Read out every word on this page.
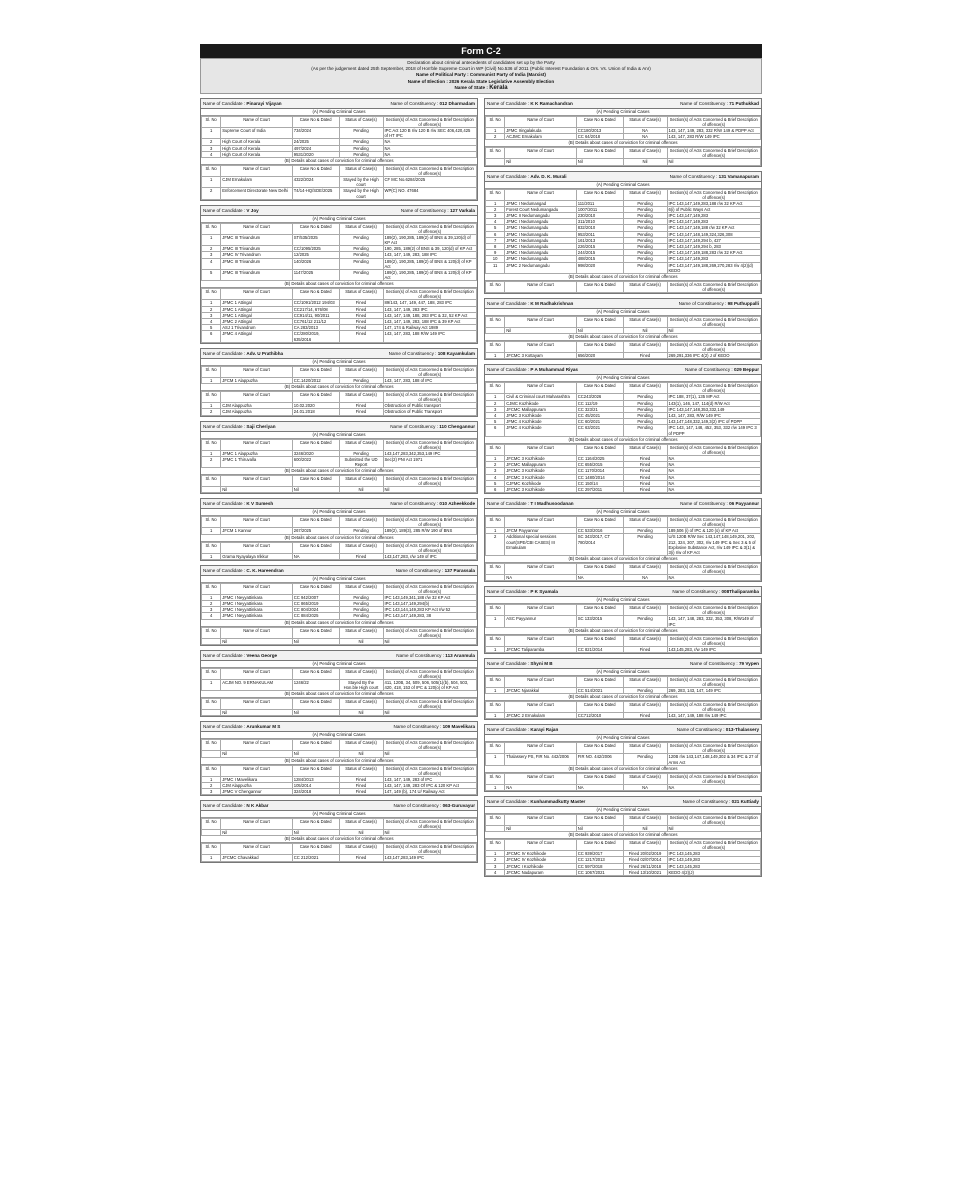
Form C-2
Declaration about criminal antecedents of candidates set up by the Party
(As per the judgement dated 25th September, 2018 of Hon'ble Supreme Court in WP (Civil) No.536 of 2011 (Public Interest Foundation & Ors. Vs. Union of India & Anr)
Name of Political Party : Communist Party of India (Marxist)
Name of Election : 2026 Kerala State Legislative Assembly Election
Name of State : Kerala
Name of Candidate : Pinarayi Vijayan	Name of Constituency : 012 Dharmadam
(A) Pending Criminal Cases
Sl. No	Name of Court	Case No & Dated	Status of Case(s)	Section(s) of Acts Concerned & Brief Description of offence(s)
1	Supreme Court of India	734/2024	Pending	IPC Act 120 B r/w 120 B r/w SEC 406,420,425 of HT IPC
2	High Court of Kerala	24/2025	Pending	NA
3	High Court of Kerala	497/2024	Pending	NA
4	High Court of Kerala	9531/2020	Pending	NA
(B) Details about cases of conviction for criminal offences
Sl. No	Name of Court	Case No & Dated	Status of Case(s)	Section(s) of Acts Concerned & Brief Description of offence(s)
1	CJM Ernakulam	4322/2024	Stayed by the High court	CF MC No.6284/2025
2	Enforcement Directorate New Delhi	T4/14-HQ/SDE/2025	Stayed by the High court	WP(C) NO. 47684
Name of Candidate : V Joy	Name of Constituency : 127 Varkala
(A) Pending Criminal Cases
Sl. No	Name of Court	Case No & Dated	Status of Case(s)	Section(s) of Acts Concerned & Brief Description of offence(s)
1	JFMC III Trivandrum	ST/535/2025	Pending	189(2), 190,285, 189(2) of BNS & 39,120(d) of KP Act
2	JFMC III Trivandrum	CC/1095/2025	Pending	190, 285, 189(2) of BNS & 39, 120(d) of KP Act
3	JFMC IV Trivandrum	12/2025	Pending	143, 147, 149, 283, 188 IPC
4	JFMC III Trivandrum	140/2026	Pending	189(2), 190,285, 189(2) of BNS & 120(d) of KP Act
5	JFMC III Trivandrum	1147/2025	Pending	189(2), 190,285, 189(2) of BNS & 120(d) of KP Act
(B) Details about cases of conviction for criminal offences
Sl. No	Name of Court	Case No & Dated	Status of Case(s)	Section(s) of Acts Concerned & Brief Description of offence(s)
1	JFMC 1 Attingal	CC/1091/2012 194/03	Fined	89/143, 147, 149, 447, 188, 283 IPC
2	JFMC 1 Attingal	CC217/14, 676/08	Fined	143, 147, 149, 283 IPC
3	JFMC 1 Attingal	CC914/11, 90/2011	Fined	143, 147, 149, 188, 283 IPC & 32, 52 KP Act
4	JFMC 2 Attingal	CC761/12 211/12	Fined	143, 147, 149, 283, 188 IPC & 39 KP Act
5	ASJ 1 Trivandrum	CA 283/2013	Fined	147, 174 & Railway Act 1989
6	JFMC 4 Attingal	CC/280/2019, 635/2016	Fined	143, 147, 283, 188 R/W 149 IPC
Name of Candidate : Adv. U Prathibha	Name of Constituency : 108 Kayamkulam
(A) Pending Criminal Cases
Sl. No	Name of Court	Case No & Dated	Status of Case(s)	Section(s) of Acts Concerned & Brief Description of offence(s)
1	JFCM 1 Alappuzha	CC.1420/2012	Pending	143, 147, 283, 188 of IPC
(B) Details about cases of conviction for criminal offences
Sl. No	Name of Court	Case No & Dated	Status of Case(s)	Section(s) of Acts Concerned & Brief Description of offence(s)
1	CJM Alappuzha	10.02.2020	Fined	Obstruction of Public transport
2	CJM Alappuzha	24.01.2018	Fined	Obstruction of Public Transport
Name of Candidate : Saji Cheriyan	Name of Constituency : 110 Chengannur
(A) Pending Criminal Cases
Sl. No	Name of Court	Case No & Dated	Status of Case(s)	Section(s) of Acts Concerned & Brief Description of offence(s)
1	JFMC 1 Alappuzha	3246/2020	Pending	143,147,283,342,353,149 IPC
2	JFMC 1 Thiruvalla	600/2022	Submitted the UD Report	Sec(2) PNI Act 1971
(B) Details about cases of conviction for criminal offences
Sl. No	Name of Court	Case No & Dated	Status of Case(s)	Section(s) of Acts Concerned & Brief Description of offence(s)
	Nil	Nil	Nil	Nil
Name of Candidate : K V Sumesh	Name of Constituency : 010 Azheekkode
(A) Pending Criminal Cases
Sl. No	Name of Court	Case No & Dated	Status of Case(s)	Section(s) of Acts Concerned & Brief Description of offence(s)
1	JFCM 1 Kannur	267/2025	Pending	189(2), 189(3), 285 R/W 190 of BNS
(B) Details about cases of conviction for criminal offences
Sl. No	Name of Court	Case No & Dated	Status of Case(s)	Section(s) of Acts Concerned & Brief Description of offence(s)
1	Grama Nyayalaya Irikkur	NA	Fined	143,147,283, r/w 149 of IPC
Name of Candidate : C. K. Hareendran	Name of Constituency : 137 Parassala
(A) Pending Criminal Cases
Sl. No	Name of Court	Case No & Dated	Status of Case(s)	Section(s) of Acts Concerned & Brief Description of offence(s)
1	JFMC I Neyyattinkara	CC 942/2007	Pending	IPC 143,149,341,188 r/w 32 KP Act
2	JFMC I Neyyattinkara	CC 865/2019	Pending	IPC 143,147,149,294(b)
3	JFMC I Neyyattinkara	CC 804/2024	Pending	IPC 143,144,149,283 KP Act r/w 52
4	JFMC I Neyyattinkara	CC 884/2025	Pending	IPC 143,147,149,283, 38
(B) Details about cases of conviction for criminal offences
Sl. No	Name of Court	Case No & Dated	Status of Case(s)	Section(s) of Acts Concerned & Brief Description of offence(s)
	Nil	Nil	Nil	Nil
Name of Candidate : Veena George	Name of Constituency : 113 Aranmula
(A) Pending Criminal Cases
Sl. No	Name of Court	Case No & Dated	Status of Case(s)	Section(s) of Acts Concerned & Brief Description of offence(s)
1	ACJM NO. 9 ERNAKULAM	1246/22	Stayed By the Hon.ble High court	411, 120B, 34, 509, 506, 505(1)(b), 504, 503, 420, 418, 153 of IPC & 120(o) of KP Act
(B) Details about cases of conviction for criminal offences
Sl. No	Name of Court	Case No & Dated	Status of Case(s)	Section(s) of Acts Concerned & Brief Description of offence(s)
	Nil	Nil	Nil	Nil
Name of Candidate : Arunkumar M S	Name of Constituency : 109 Mavelikara
(A) Pending Criminal Cases
Sl. No	Name of Court	Case No & Dated	Status of Case(s)	Section(s) of Acts Concerned & Brief Description of offence(s)
	Nil	Nil	Nil	Nil
(B) Details about cases of conviction for criminal offences
Sl. No	Name of Court	Case No & Dated	Status of Case(s)	Section(s) of Acts Concerned & Brief Description of offence(s)
1	JFMC I Mavelikara	1284/2013	Fined	143, 147, 149, 283 of IPC
2	CJM Alappuzha	105/2014	Fined	143, 147, 149, 283 Of IPC & 120 KP Act
3	JFMC V Chengannur	324/2018	Fined	147, 149 (b), 174 U/ Railway Act
Name of Candidate : N K Akbar	Name of Constituency : 063-Guruvayur
(A) Pending Criminal Cases
Sl. No	Name of Court	Case No & Dated	Status of Case(s)	Section(s) of Acts Concerned & Brief Description of offence(s)
	Nil	Nil	Nil	Nil
(B) Details about cases of conviction for criminal offences
Sl. No	Name of Court	Case No & Dated	Status of Case(s)	Section(s) of Acts Concerned & Brief Description of offence(s)
1	JFCMC Chavakkad	CC 212/2021	Fined	143,147,283,149 IPC
Name of Candidate : K K Ramachandran	Name of Constituency : 71 Puthukkad
(A) Pending Criminal Cases
Sl. No	Name of Court	Case No & Dated	Status of Case(s)	Section(s) of Acts Concerned & Brief Description of offence(s)
1	JFMC Iringalakuda	CC180/2013	NA	143, 147, 149, 283, 332 R/W 149 & PDPP Act
2	ACJMC Ernakulam	CC 64/2018	NA	143, 147, 283 R/W 149 IPC
(B) Details about cases of conviction for criminal offences
Sl. No	Name of Court	Case No & Dated	Status of Case(s)	Section(s) of Acts Concerned & Brief Description of offence(s)
	Nil	Nil	Nil	Nil
Name of Candidate : Adv. D. K. Murali	Name of Constituency : 131 Vamanapuram
(A) Pending Criminal Cases
Sl. No	Name of Court	Case No & Dated	Status of Case(s)	Section(s) of Acts Concerned & Brief Description of offence(s)
1	JFMC I Nedumangad	111/2011	Pending	IPC 143,147,149,283,188 r/w 32 KP Act
2	Forest Court Nedumangadu	1007/2011	Pending	6(i) of Public Ways Act
3	JFMC II Nedumangadu	230/2010	Pending	IPC 143,147,149,283
4	JFMC I Nedumangadu	311/2010	Pending	IPC 143,147,149,283
5	JFMC I Nedumangadu	832/2010	Pending	IPC 143,147,149,188 r/w 32 KP Act
6	JFMC I Nedumangadu	953/2011	Pending	IPC 143,147,148,149,324,326,308
7	JFMC I Nedumangadu	161/2013	Pending	IPC 143,147,149,294 b, 427
8	JFMC I Nedumangadu	226/2015	Pending	IPC 143,147,149,294 b, 283
9	JFMC I Nedumangadu	244/2015	Pending	IPC 143,147,149,188,283 r/w 32 KP Act
10	JFMC I Nedumangadu	488/2015	Pending	IPC 143,147,149,283
11	JFMC 2 Nedumangadu	998/2020	Pending	IPC 143,147,149,188,269,270,283 r/w 4(2)(d) KEDO
(B) Details about cases of conviction for criminal offences
Sl. No	Name of Court	Case No & Dated	Status of Case(s)	Section(s) of Acts Concerned & Brief Description of offence(s)
Name of Candidate : K M Radhakrishnan	Name of Constituency : 98 Puthuppalli
(A) Pending Criminal Cases
Sl. No	Name of Court	Case No & Dated	Status of Case(s)	Section(s) of Acts Concerned & Brief Description of offence(s)
	Nil	Nil	Nil	Nil
(B) Details about cases of conviction for criminal offences
Sl. No	Name of Court	Case No & Dated	Status of Case(s)	Section(s) of Acts Concerned & Brief Description of offence(s)
1	JFCMC 3 Kottayam	656/2020	Fined	269,291,336 IPC 4(2) J of KEDO
Name of Candidate : P A Muhammad Riyas	Name of Constituency : 029 Beppur
(A) Pending Criminal Cases
Sl. No	Name of Court	Case No & Dated	Status of Case(s)	Section(s) of Acts Concerned & Brief Description of offence(s)
1	Civil & Criminal court Maharashtra	CC243/2026	Pending	IPC 188, 37(1), 135 MP Act
2	CJMC Kozhikode	CC 112/19	Pending	143(1), 146, 147, 114(d) R/W Act
3	JFCMC Mallappuram	CC 323/21	Pending	IPC 143,147,148,353,332,149
4	JFMC 3 Kozhikode	CC 45/2021	Pending	143, 147, 283, R/W 149 IPC
5	JFMC 4 Kozhikode	CC 60/2021	Pending	143,147,148,332,149,3(2) IPC of PDPP
6	JFMC 4 Kozhikode	CC 63/2021	Pending	IPC 143, 147, 148, 452, 353, 332 r/w 149 IPC 3 of PDPP
(B) Details about cases of conviction for criminal offences
Sl. No	Name of Court	Case No & Dated	Status of Case(s)	Section(s) of Acts Concerned & Brief Description of offence(s)
1	JFCMC 3 Kozhikode	CC 1164/2025	Fined	NA
2	JFCMC Mallappuram	CC 655/2015	Fined	NA
3	JFCMC 3 Kozhikode	CC 1170/2014	Fined	NA
4	JFCMC 3 Kozhikode	CC 1480/2014	Fined	NA
5	CJFMC Kozhikode	CC 150/14	Fined	NA
6	JFCMC 3 Kozhikode	CC 297/2011	Fined	NA
Name of Candidate : T I Madhusoodanan	Name of Constituency : 06 Payyannur
(A) Pending Criminal Cases
Sl. No	Name of Court	Case No & Dated	Status of Case(s)	Section(s) of Acts Concerned & Brief Description of offence(s)
1	JFCM Payyannur	CC 533/2016	Pending	189,506 (i) of IPC & 120 (o) of KP Act
2	Additional special sessions court(SPE/CBI CASES) III Ernakulam	SC 343/2017, CT 780/2014	Pending	U/S 120B R/W Sec 143,147,148,149,201, 202, 212, 324, 307, 302, r/w 149 IPC & Sec 3 & 5 of Explosive Substance Act, r/w 149 IPC & 3(1) & 3(i) r/w of KP Act
(B) Details about cases of conviction for criminal offences
Sl. No	Name of Court	Case No & Dated	Status of Case(s)	Section(s) of Acts Concerned & Brief Description of offence(s)
	NA	NA	NA	NA
Name of Candidate : P K Syamala	Name of Constituency : 008Thaliparamba
(A) Pending Criminal Cases
Sl. No	Name of Court	Case No & Dated	Status of Case(s)	Section(s) of Acts Concerned & Brief Description of offence(s)
1	ASC Payyannur	SC 133/2015	Pending	143, 147, 148, 283, 332, 353, 308, R/W149 of IPC
(B) Details about cases of conviction for criminal offences
Sl. No	Name of Court	Case No & Dated	Status of Case(s)	Section(s) of Acts Concerned & Brief Description of offence(s)
1	JFCMC Taliparamba	CC 821/2014	Fined	143,145,283, r/w 149 IPC
Name of Candidate : Shyni M B	Name of Constituency : 79 Vypen
(A) Pending Criminal Cases
Sl. No	Name of Court	Case No & Dated	Status of Case(s)	Section(s) of Acts Concerned & Brief Description of offence(s)
1	JFCMC Njarakkal	CC 514/2021	Pending	269, 283, 143, 147, 149 IPC
(B) Details about cases of conviction for criminal offences
Sl. No	Name of Court	Case No & Dated	Status of Case(s)	Section(s) of Acts Concerned & Brief Description of offence(s)
1	JFCMC 2 Ernakulam	CC712/2010	Fined	143, 147, 149, 188 r/w 149 IPC
Name of Candidate : Karayi Rajan	Name of Constituency : 013-Thalassery
(A) Pending Criminal Cases
Sl. No	Name of Court	Case No & Dated	Status of Case(s)	Section(s) of Acts Concerned & Brief Description of offence(s)
1	Thalassery PS, FIR No. 442/2006	FIR NO. 442/2006	Pending	120B r/w 143,147,148,149,302 & 34 IPC & 27 of Arms Act
(B) Details about cases of conviction for criminal offences
Sl. No	Name of Court	Case No & Dated	Status of Case(s)	Section(s) of Acts Concerned & Brief Description of offence(s)
1	NA	NA	NA	NA
Name of Candidate : Kunhammadkutty Master	Name of Constituency : 021 Kuttiady
(A) Pending Criminal Cases
Sl. No	Name of Court	Case No & Dated	Status of Case(s)	Section(s) of Acts Concerned & Brief Description of offence(s)
	Nil	Nil	Nil	Nil
(B) Details about cases of conviction for criminal offences
Sl. No	Name of Court	Case No & Dated	Status of Case(s)	Section(s) of Acts Concerned & Brief Description of offence(s)
1	JFCMC IV Kozhikode	CC 939/2017	Fined 20/02/2019	IPC 143,145,283
2	JFCMC IV Kozhikode	CC 1217/2013	Fined 02/07/2014	IPC 143,149,283
3	JFCMC I Kozhikode	CC 597/2018	Fined 26/11/2018	IPC 143,145,283
4	JFCMC Nadapuram	CC 1067/2021	Fined 13/10/2021	KEDO 4(2)(J)
